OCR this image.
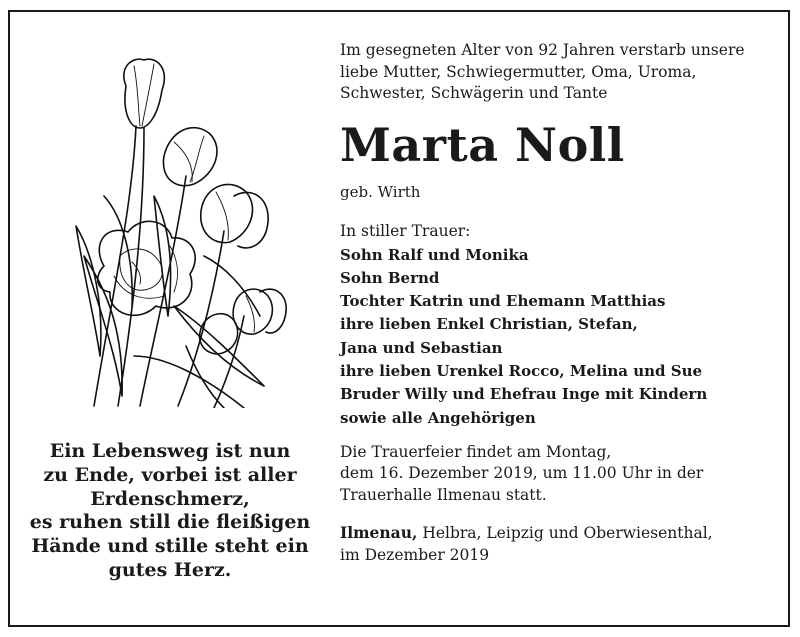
Ein Lebensweg ist nun
zu Ende, vorbei ist aller
Erdenschmerz,
es ruhen still die fleißigen
Hände und stille steht ein
gutes Herz.
Im gesegneten Alter von 92 Jahren verstarb unsere
liebe Mutter, Schwiegermutter, Oma, Uroma,
Schwester, Schwägerin und Tante
Marta Noll
geb. Wirth
In stiller Trauer:
Sohn Ralf und Monika
Sohn Bernd
Tochter Katrin und Ehemann Matthias
ihre lieben Enkel Christian, Stefan,
Jana und Sebastian
ihre lieben Urenkel Rocco, Melina und Sue
Bruder Willy und Ehefrau Inge mit Kindern
sowie alle Angehörigen
Die Trauerfeier findet am Montag,
dem 16. Dezember 2019, um 11.00 Uhr in der
Trauerhalle Ilmenau statt.
Ilmenau, Helbra, Leipzig und Oberwiesenthal,
im Dezember 2019
